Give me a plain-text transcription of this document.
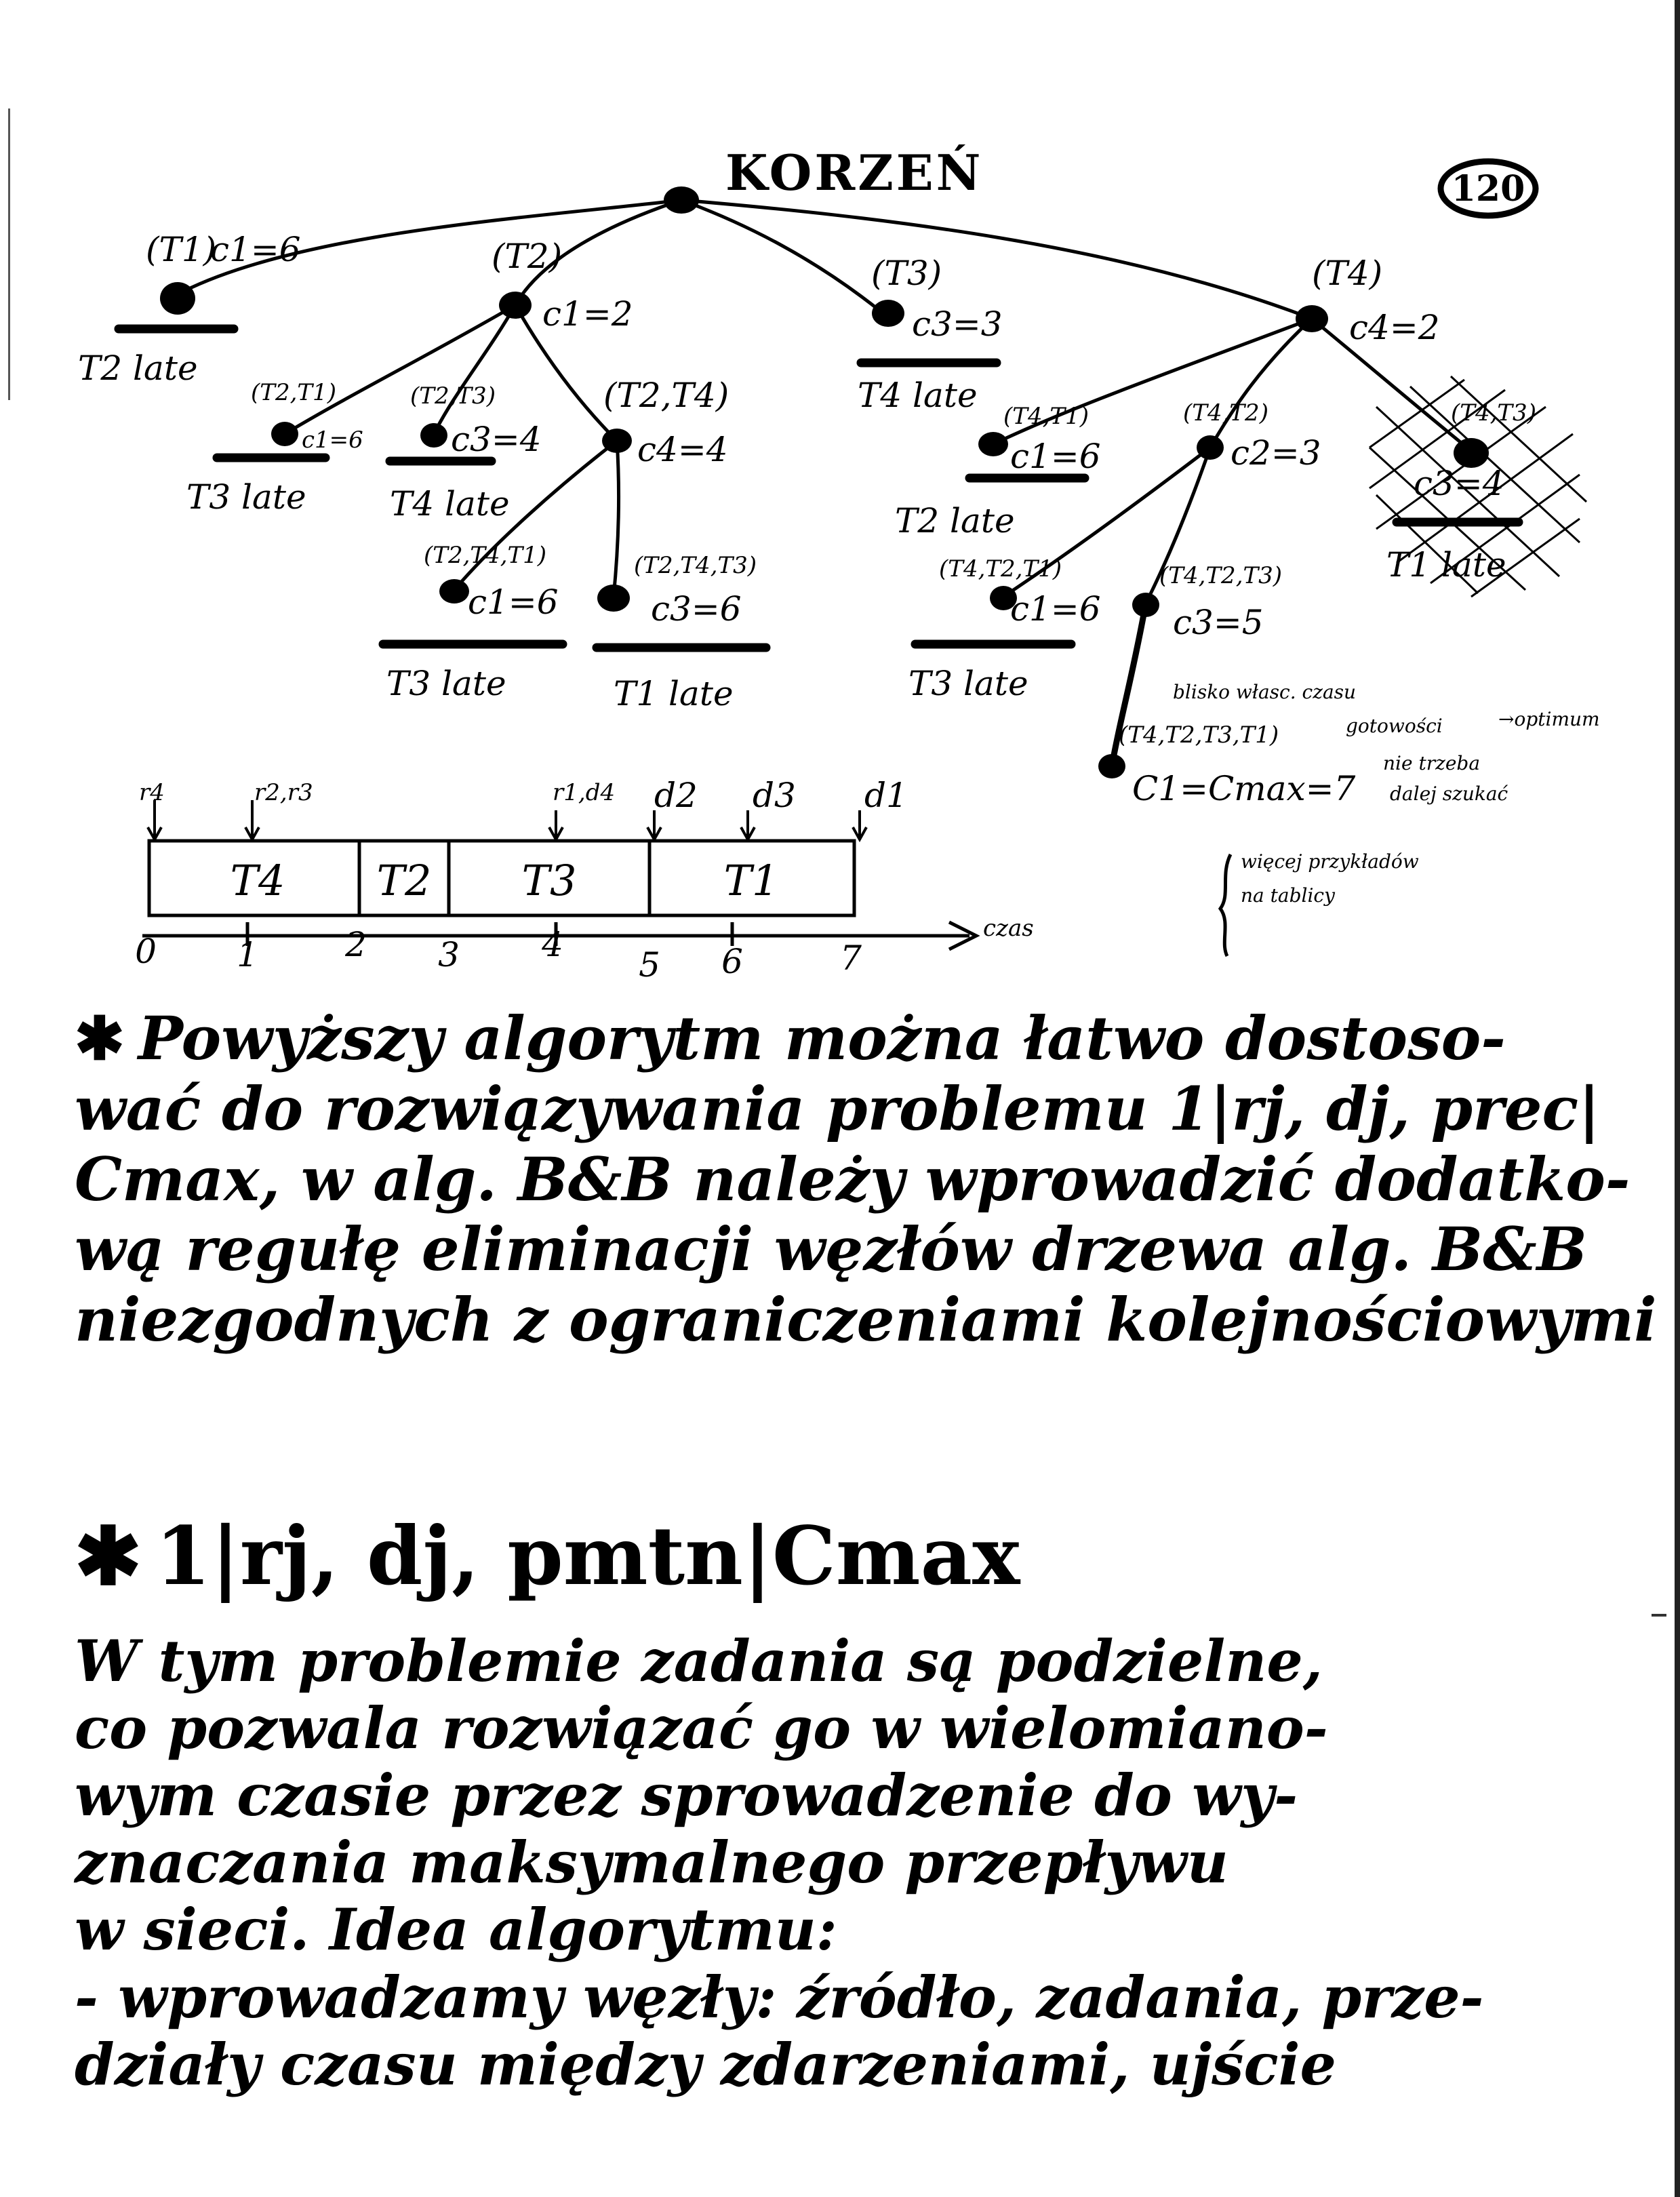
KORZEŃ	120
(T1)
c1=6
T2 late
(T2)
c1=2
(T3)
c3=3
T4 late
(T4)
c4=2
(T2,T1)
c1=6
T3 late
(T2,T3)
c3=4
T4 late
(T2,T4)
c4=4
(T2,T4,T1)
c1=6
T3 late
(T2,T4,T3)
c3=6
T1 late
(T4,T1)
c1=6
T2 late
(T4,T2)
c2=3
(T4,T3)
c3=4
T1 late
(T4,T2,T1)
c1=6
T3 late
(T4,T2,T3)
c3=5
(T4,T2,T3,T1)
C1=Cmax=7
blisko własc. czasu
gotowości	→optimum
nie trzeba
dalej szukać
więcej przykładów
na tablicy
r4	r2,r3	r1,d4 d2 d3 d1
T4 T2 T3	T1
0 1	2 3 4
5 6	7
czas
✱ Powyższy algorytm można łatwo dostoso-
wać do rozwiązywania problemu 1|rj, dj, prec|
Cmax, w alg. B&B należy wprowadzić dodatko-
wą regułę eliminacji węzłów drzewa alg. B&B
niezgodnych z ograniczeniami kolejnościowymi
✱ 1|rj, dj, pmtn|Cmax
W tym problemie zadania są podzielne,
co pozwala rozwiązać go w wielomiano-
wym czasie przez sprowadzenie do wy-
znaczania maksymalnego przepływu
w sieci. Idea algorytmu:
- wprowadzamy węzły: źródło, zadania, prze-
działy czasu między zdarzeniami, ujście
